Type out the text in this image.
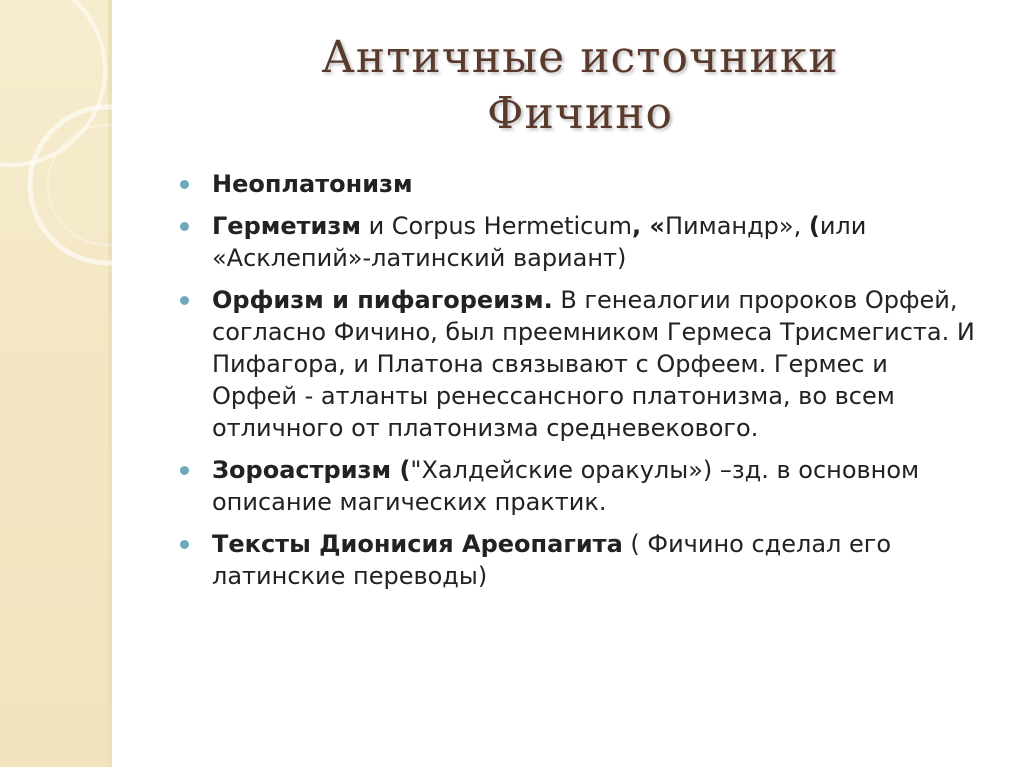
Античные источники
Фичино
Неоплатонизм
Герметизм и Corpus Hermeticum, «Пимандр», (или «Асклепий»-латинский вариант)
Орфизм и пифагореизм. В генеалогии пророков Орфей, согласно Фичино, был преемником Гермеса Трисмегиста. И Пифагора, и Платона связывают с Орфеем. Гермес и Орфей - атланты ренессансного платонизма, во всем отличного от платонизма средневекового.
Зороастризм ("Халдейские оракулы») –зд. в основном описание магических практик.
Тексты Дионисия Ареопагита ( Фичино сделал его латинские переводы)
